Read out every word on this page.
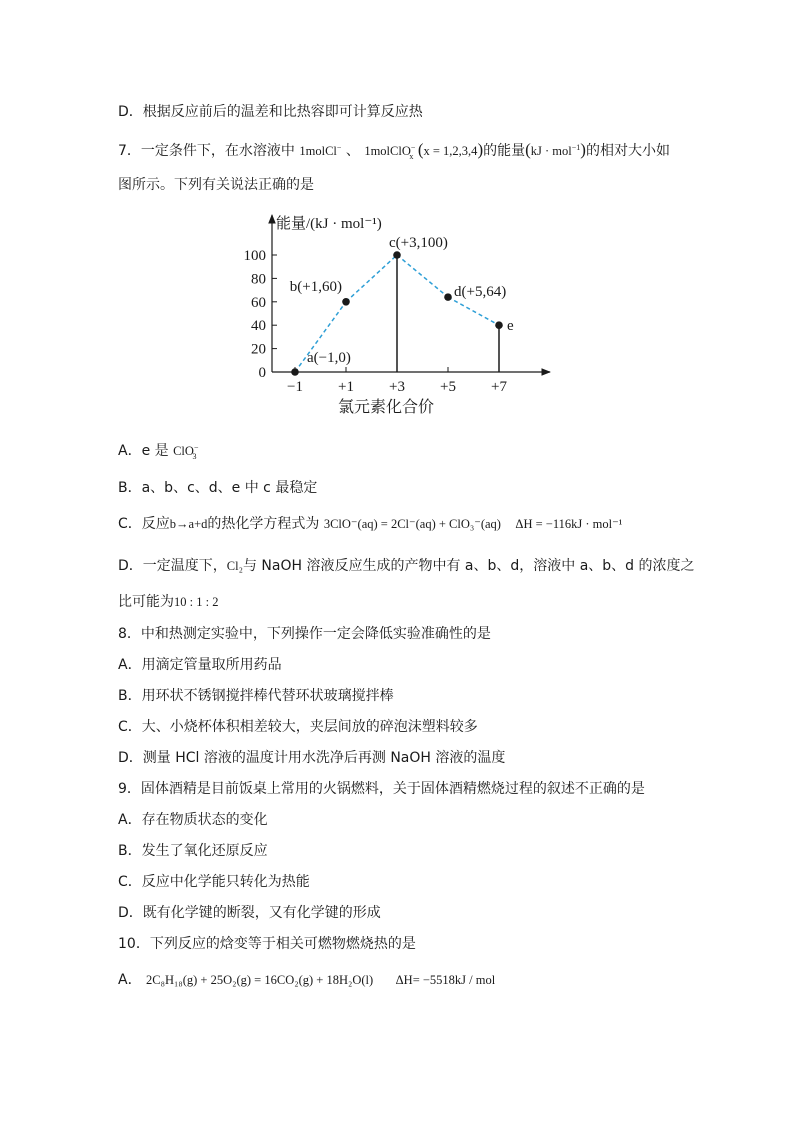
D．根据反应前后的温差和比热容即可计算反应热
7．一定条件下，在水溶液中 1molCl− 、 1molClO−$_x$ (x = 1,2,3,4)的能量(kJ · mol$^{-1}$)的相对大小如
图所示。下列有关说法正确的是
0
20
40
60
80
100
−1 +1 +3 +5 +7
a(−1,0)
b(+1,60)
c(+3,100)
d(+5,64)
e
能量/(kJ · mol⁻¹)
氯元素化合价
A．e 是 ClO−$_3$
B．a、b、c、d、e 中 c 最稳定
C．反应b→a+d的热化学方程式为 3ClO⁻(aq) = 2Cl⁻(aq) + ClO₃⁻(aq) ΔH = −116kJ · mol⁻¹
D．一定温度下，Cl₂与 NaOH 溶液反应生成的产物中有 a、b、d，溶液中 a、b、d 的浓度之
比可能为10 : 1 : 2
8．中和热测定实验中，下列操作一定会降低实验准确性的是
A．用滴定管量取所用药品
B．用环状不锈钢搅拌棒代替环状玻璃搅拌棒
C．大、小烧杯体积相差较大，夹层间放的碎泡沫塑料较多
D．测量 HCl 溶液的温度计用水洗净后再测 NaOH 溶液的温度
9．固体酒精是目前饭桌上常用的火锅燃料，关于固体酒精燃烧过程的叙述不正确的是
A．存在物质状态的变化
B．发生了氧化还原反应
C．反应中化学能只转化为热能
D．既有化学键的断裂，又有化学键的形成
10．下列反应的焓变等于相关可燃物燃烧热的是
A． 2C₈H₁₈(g) + 25O₂(g) = 16CO₂(g) + 18H₂O(l) ΔH= −5518kJ / mol
